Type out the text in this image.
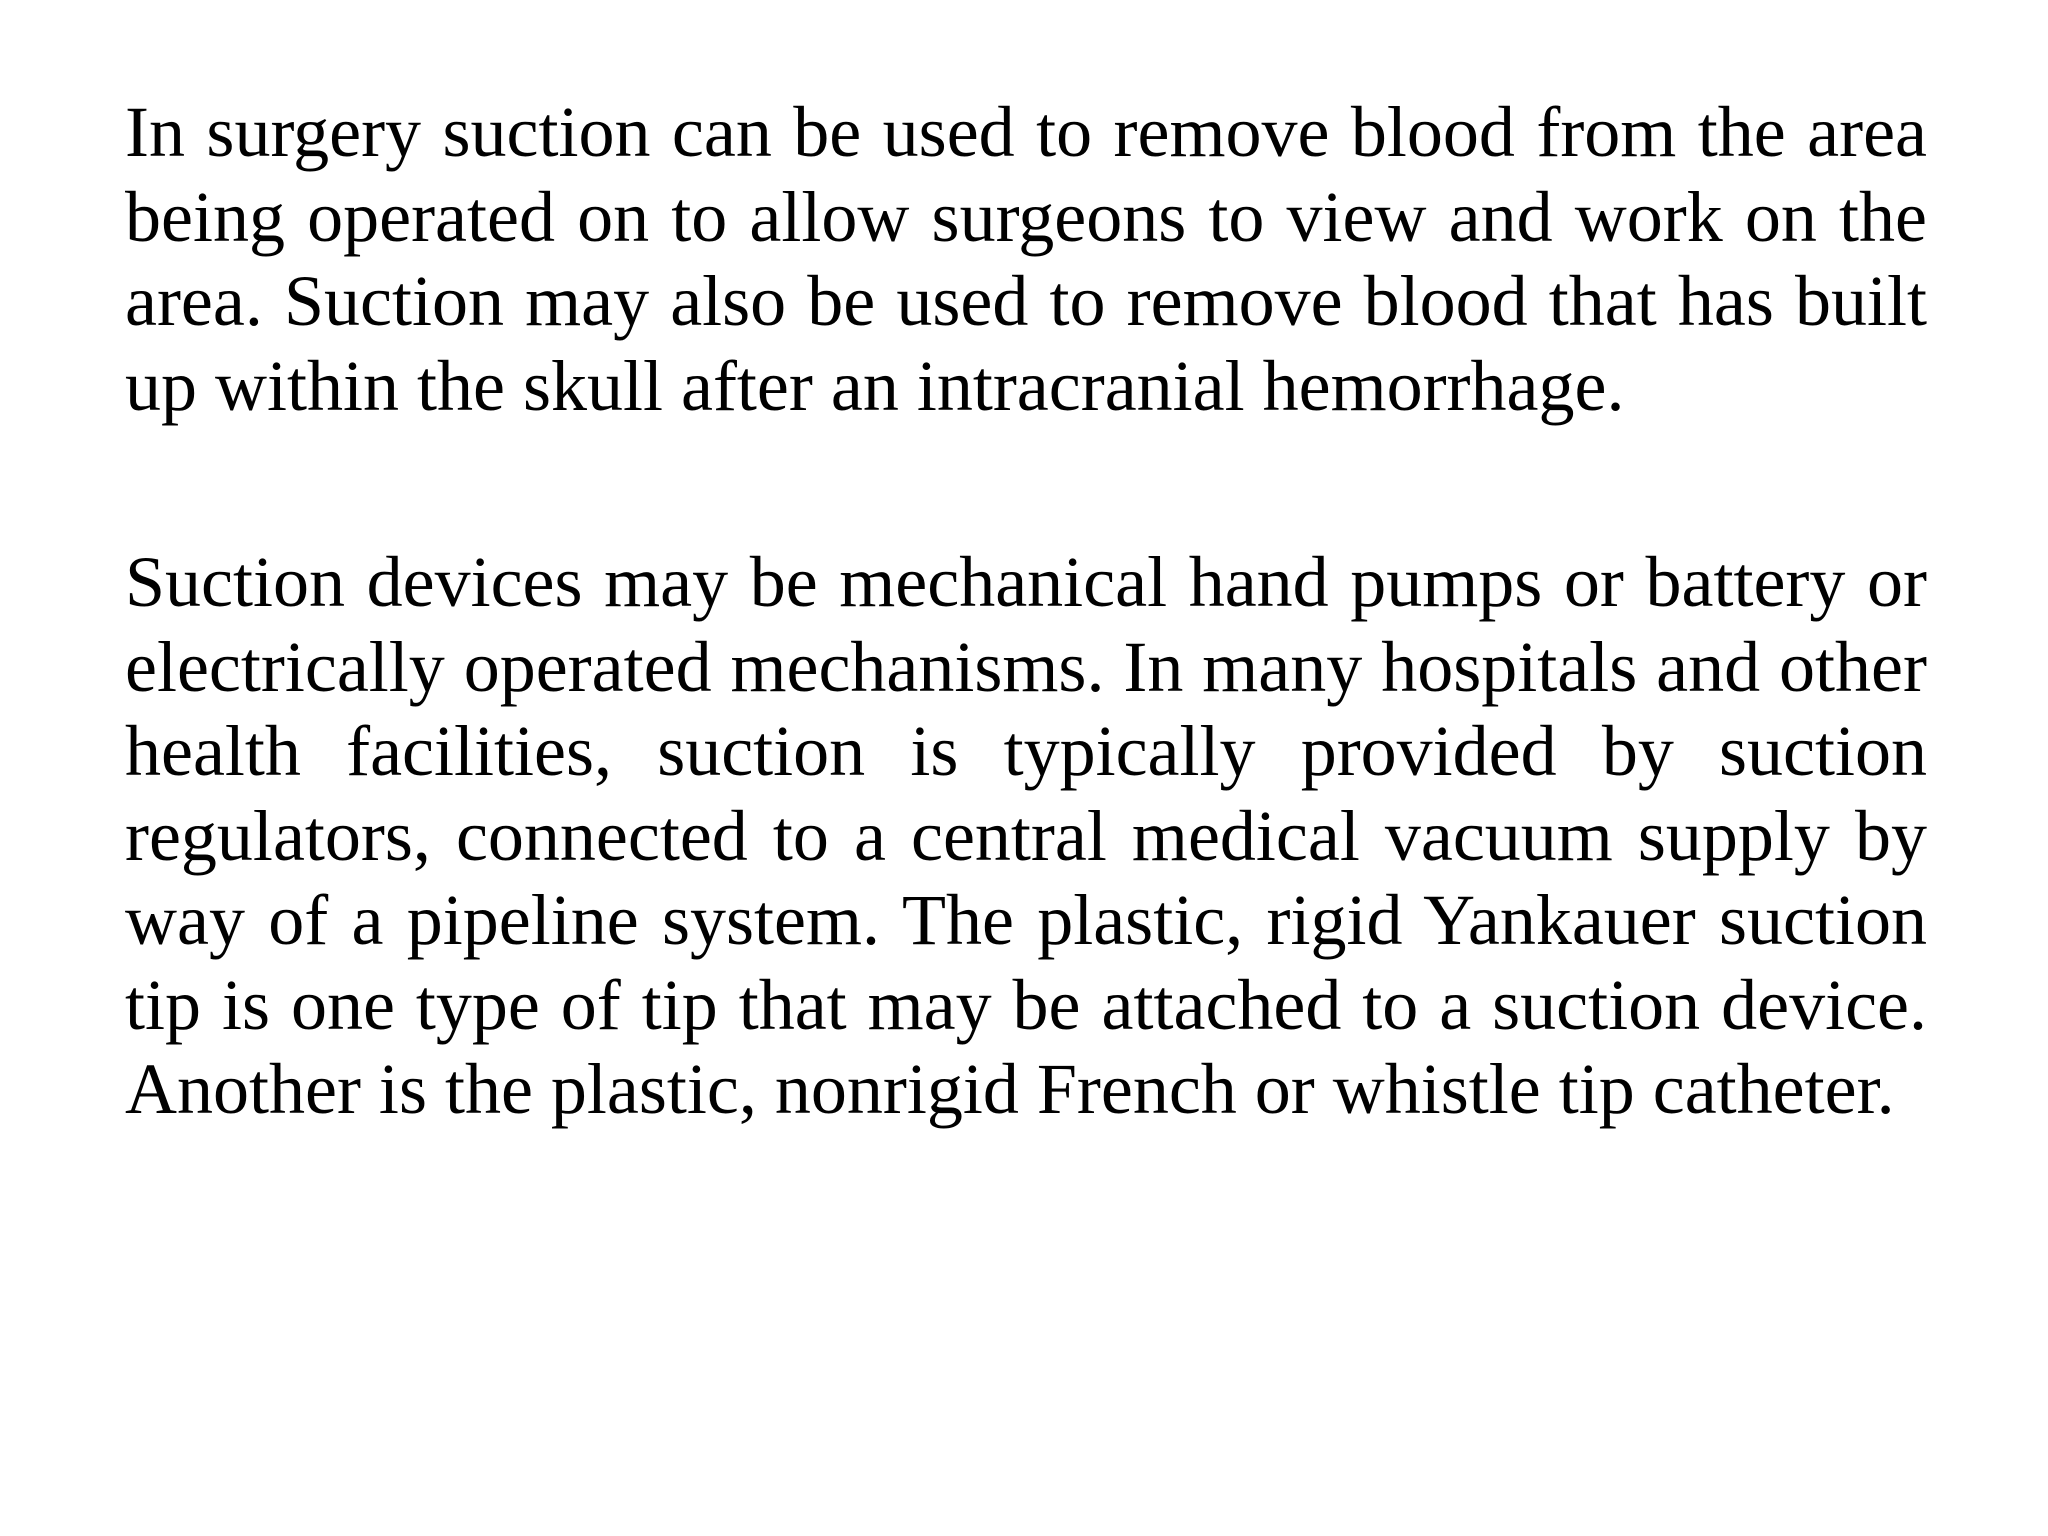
In surgery suction can be used to remove blood from the area being operated on to allow surgeons to view and work on the area. Suction may also be used to remove blood that has built up within the skull after an intracranial hemorrhage.

Suction devices may be mechanical hand pumps or battery or electrically operated mechanisms. In many hospitals and other health facilities, suction is typically provided by suction regulators, connected to a central medical vacuum supply by way of a pipeline system. The plastic, rigid Yankauer suction tip is one type of tip that may be attached to a suction device. Another is the plastic, nonrigid French or whistle tip catheter.
